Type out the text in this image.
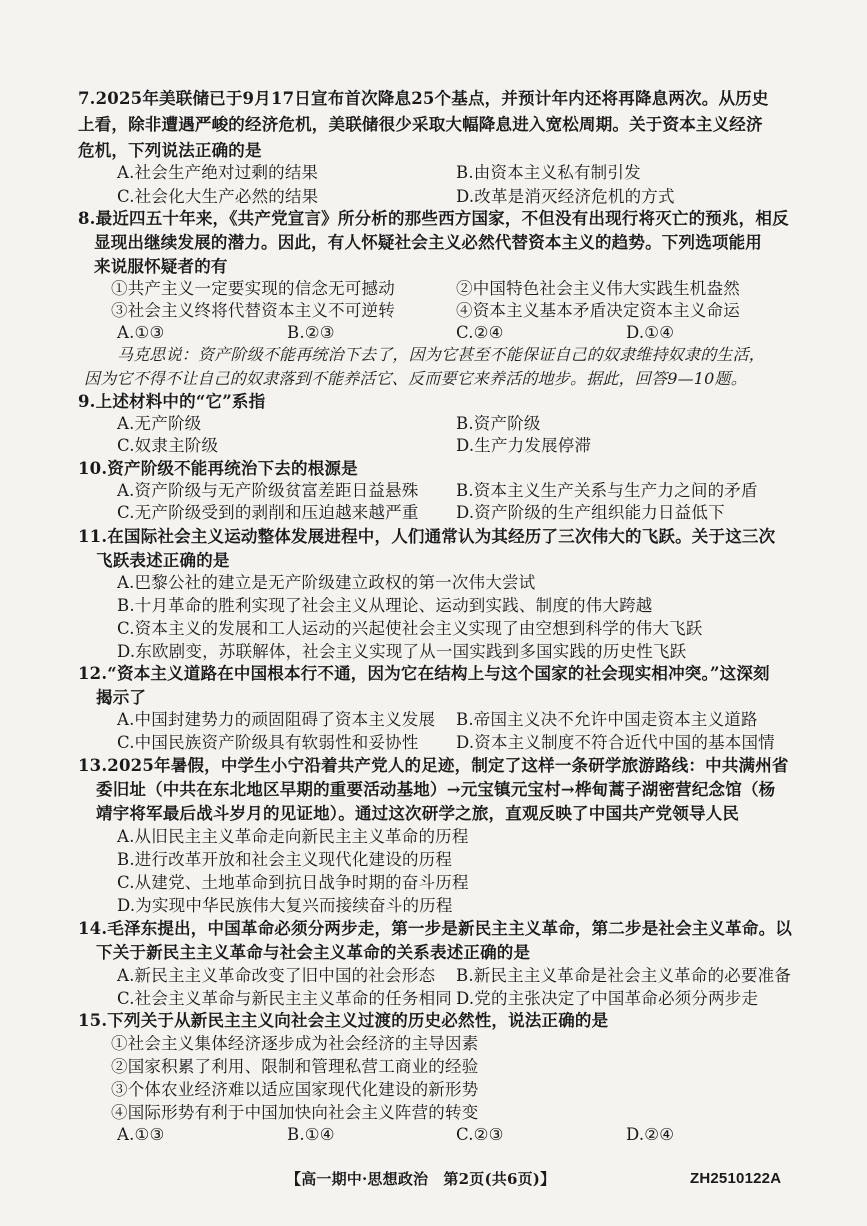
7.2025年美联储已于9月17日宣布首次降息25个基点，并预计年内还将再降息两次。从历史
上看，除非遭遇严峻的经济危机，美联储很少采取大幅降息进入宽松周期。关于资本主义经济
危机，下列说法正确的是
A.社会生产绝对过剩的结果	B.由资本主义私有制引发
C.社会化大生产必然的结果	D.改革是消灭经济危机的方式
8.最近四五十年来，《共产党宣言》所分析的那些西方国家，不但没有出现行将灭亡的预兆，相反
显现出继续发展的潜力。因此，有人怀疑社会主义必然代替资本主义的趋势。下列选项能用
来说服怀疑者的有
①共产主义一定要实现的信念无可撼动	②中国特色社会主义伟大实践生机盎然
③社会主义终将代替资本主义不可逆转	④资本主义基本矛盾决定资本主义命运
A.①③	B.②③	C.②④	D.①④
马克思说：资产阶级不能再统治下去了，因为它甚至不能保证自己的奴隶维持奴隶的生活，
因为它不得不让自己的奴隶落到不能养活它、反而要它来养活的地步。据此，回答9—10题。
9.上述材料中的“它”系指
A.无产阶级	B.资产阶级
C.奴隶主阶级	D.生产力发展停滞
10.资产阶级不能再统治下去的根源是
A.资产阶级与无产阶级贫富差距日益悬殊 B.资本主义生产关系与生产力之间的矛盾
C.无产阶级受到的剥削和压迫越来越严重 D.资产阶级的生产组织能力日益低下
11.在国际社会主义运动整体发展进程中，人们通常认为其经历了三次伟大的飞跃。关于这三次
飞跃表述正确的是
A.巴黎公社的建立是无产阶级建立政权的第一次伟大尝试
B.十月革命的胜利实现了社会主义从理论、运动到实践、制度的伟大跨越
C.资本主义的发展和工人运动的兴起使社会主义实现了由空想到科学的伟大飞跃
D.东欧剧变，苏联解体，社会主义实现了从一国实践到多国实践的历史性飞跃
12.“资本主义道路在中国根本行不通，因为它在结构上与这个国家的社会现实相冲突。”这深刻
揭示了
A.中国封建势力的顽固阻碍了资本主义发展 B.帝国主义决不允许中国走资本主义道路
C.中国民族资产阶级具有软弱性和妥协性 D.资本主义制度不符合近代中国的基本国情
13.2025年暑假，中学生小宁沿着共产党人的足迹，制定了这样一条研学旅游路线：中共满州省
委旧址（中共在东北地区早期的重要活动基地）→元宝镇元宝村→桦甸蒿子湖密营纪念馆（杨
靖宇将军最后战斗岁月的见证地）。通过这次研学之旅，直观反映了中国共产党领导人民
A.从旧民主主义革命走向新民主主义革命的历程
B.进行改革开放和社会主义现代化建设的历程
C.从建党、土地革命到抗日战争时期的奋斗历程
D.为实现中华民族伟大复兴而接续奋斗的历程
14.毛泽东提出，中国革命必须分两步走，第一步是新民主主义革命，第二步是社会主义革命。以
下关于新民主主义革命与社会主义革命的关系表述正确的是
A.新民主主义革命改变了旧中国的社会形态 B.新民主主义革命是社会主义革命的必要准备
C.社会主义革命与新民主主义革命的任务相同 D.党的主张决定了中国革命必须分两步走
15.下列关于从新民主主义向社会主义过渡的历史必然性，说法正确的是
①社会主义集体经济逐步成为社会经济的主导因素
②国家积累了利用、限制和管理私营工商业的经验
③个体农业经济难以适应国家现代化建设的新形势
④国际形势有利于中国加快向社会主义阵营的转变
A.①③	B.①④	C.②③	D.②④
【高一期中·思想政治　第2页(共6页)】	ZH2510122A
